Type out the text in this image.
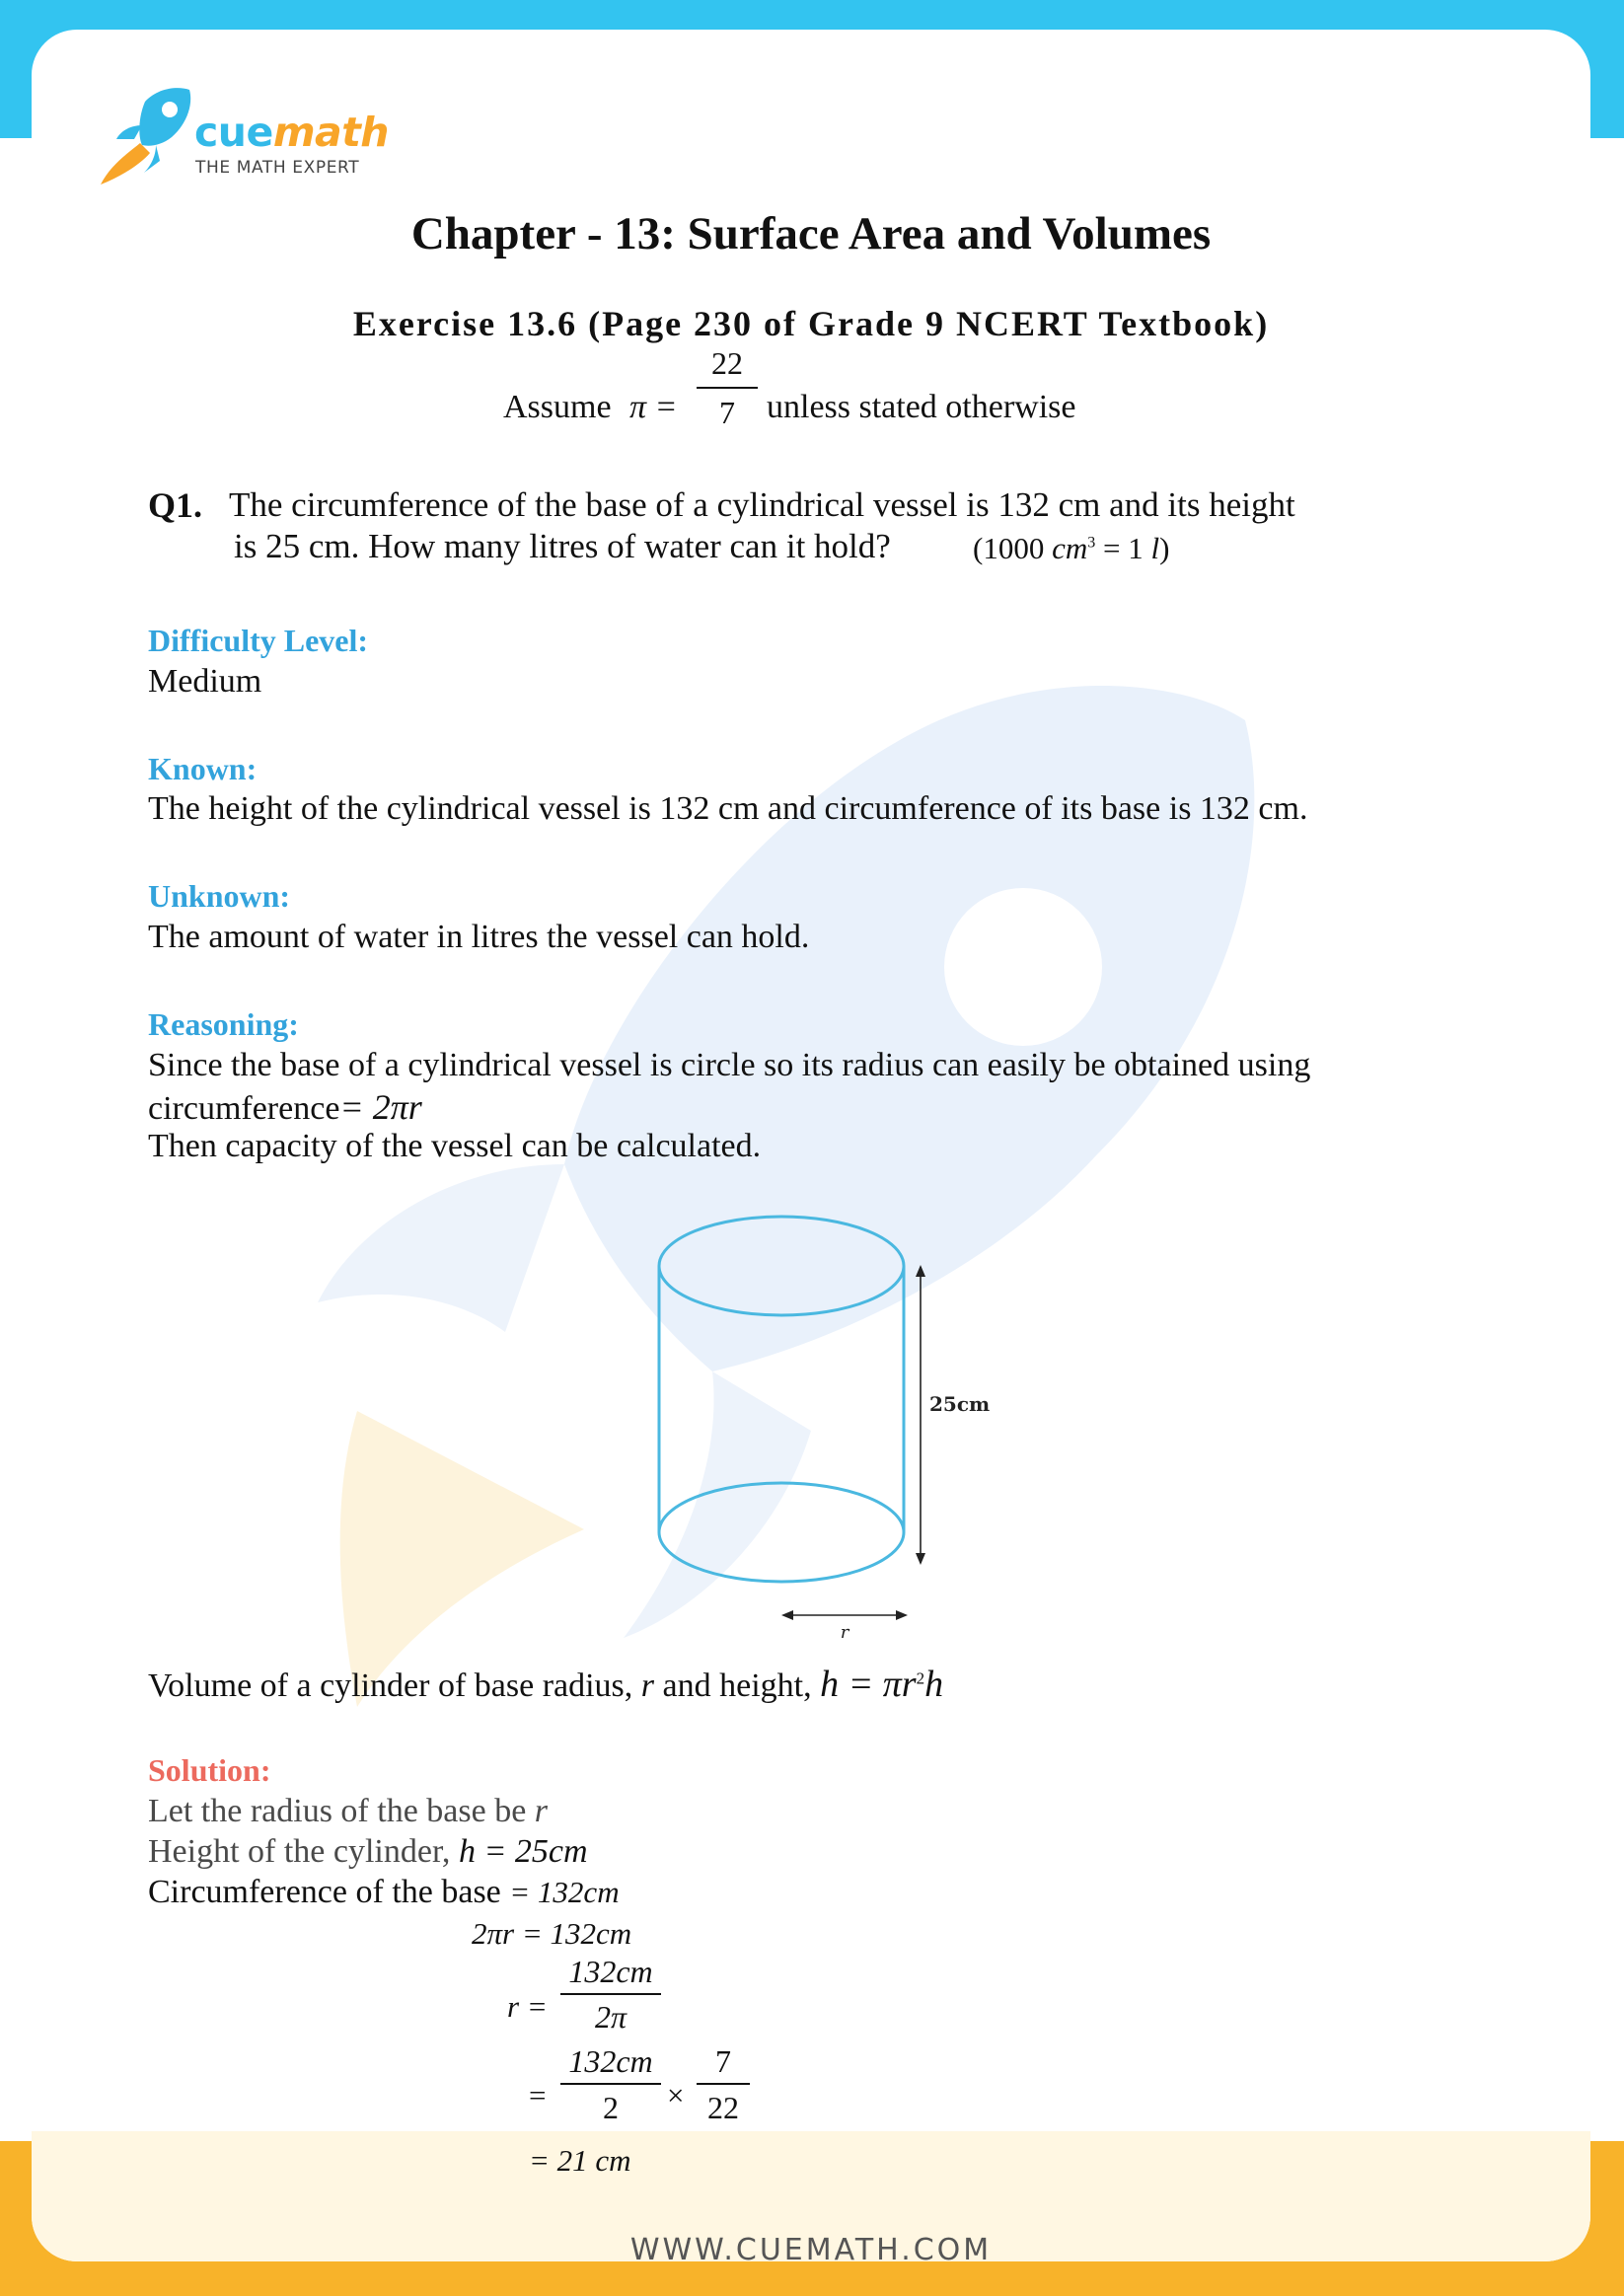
cuemath
THE MATH EXPERT
Chapter - 13: Surface Area and Volumes
Exercise 13.6 (Page 230 of Grade 9 NCERT Textbook)
Assume π =
22
7 unless stated otherwise
Q1. The circumference of the base of a cylindrical vessel is 132 cm and its height
is 25 cm. How many litres of water can it hold?	(1000 $cm^3 = 1$ l)
Difficulty Level:
Medium
Known:
The height of the cylindrical vessel is 132 cm and circumference of its base is 132 cm.
Unknown:
The amount of water in litres the vessel can hold.
Reasoning:
Since the base of a cylindrical vessel is circle so its radius can easily be obtained using
circumference= 2πr
Then capacity of the vessel can be calculated.
25cm
r
Volume of a cylinder of base radius, r and height, $h = \pi r^2h$
Solution:
Let the radius of the base be r
Height of the cylinder, h = 25cm
Circumference of the base = 132cm
2πr = 132cm
r =
132cm
2π
=
132cm
2	×
7
22
= 21 cm
WWW.CUEMATH.COM
